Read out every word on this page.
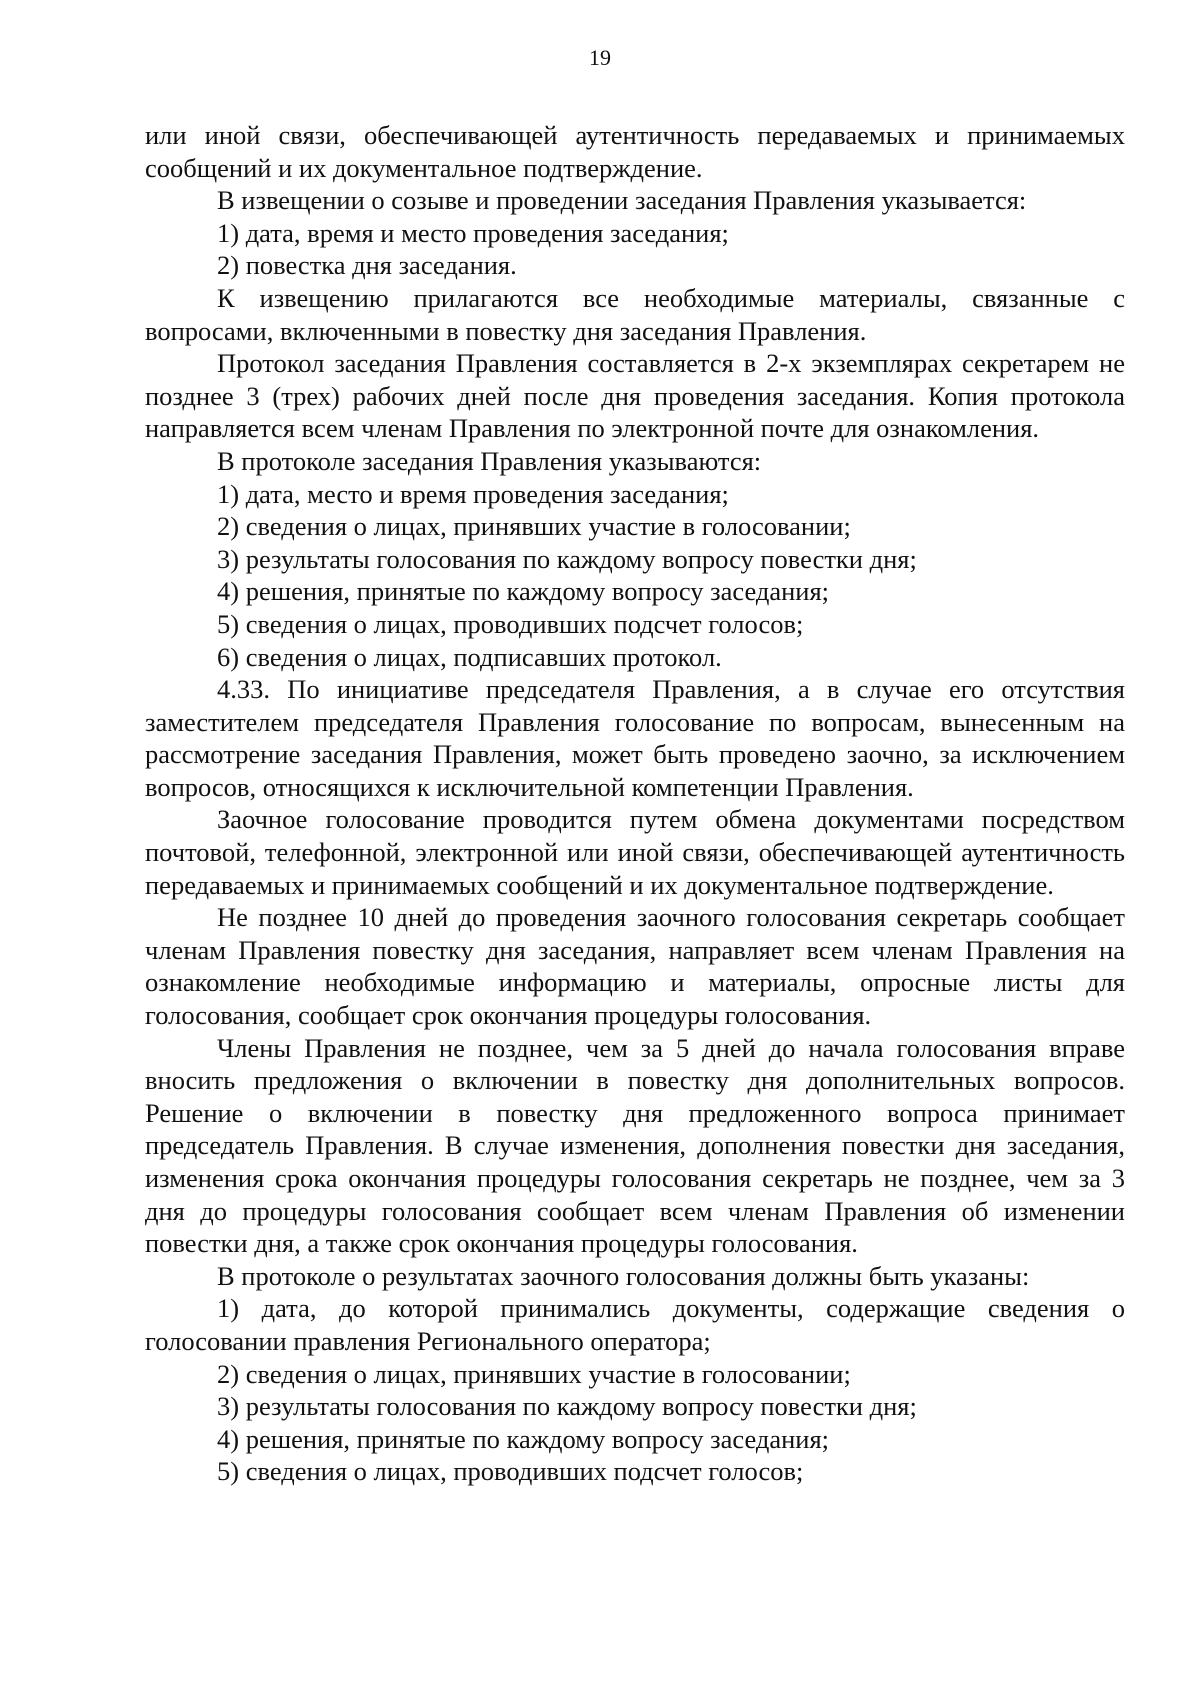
19

или иной связи, обеспечивающей аутентичность передаваемых и принимаемых сообщений и их документальное подтверждение.

В извещении о созыве и проведении заседания Правления указывается:

1) дата, время и место проведения заседания;

2) повестка дня заседания.

К извещению прилагаются все необходимые материалы, связанные с вопросами, включенными в повестку дня заседания Правления.

Протокол заседания Правления составляется в 2-х экземплярах секретарем не позднее 3 (трех) рабочих дней после дня проведения заседания. Копия протокола направляется всем членам Правления по электронной почте для ознакомления.

В протоколе заседания Правления указываются:

1) дата, место и время проведения заседания;

2) сведения о лицах, принявших участие в голосовании;

3) результаты голосования по каждому вопросу повестки дня;

4) решения, принятые по каждому вопросу заседания;

5) сведения о лицах, проводивших подсчет голосов;

6) сведения о лицах, подписавших протокол.

4.33. По инициативе председателя Правления, а в случае его отсутствия заместителем председателя Правления голосование по вопросам, вынесенным на рассмотрение заседания Правления, может быть проведено заочно, за исключением вопросов, относящихся к исключительной компетенции Правления.

Заочное голосование проводится путем обмена документами посредством почтовой, телефонной, электронной или иной связи, обеспечивающей аутентичность передаваемых и принимаемых сообщений и их документальное подтверждение.

Не позднее 10 дней до проведения заочного голосования секретарь сообщает членам Правления повестку дня заседания, направляет всем членам Правления на ознакомление необходимые информацию и материалы, опросные листы для голосования, сообщает срок окончания процедуры голосования.

Члены Правления не позднее, чем за 5 дней до начала голосования вправе вносить предложения о включении в повестку дня дополнительных вопросов. Решение о включении в повестку дня предложенного вопроса принимает председатель Правления. В случае изменения, дополнения повестки дня заседания, изменения срока окончания процедуры голосования секретарь не позднее, чем за 3 дня до процедуры голосования сообщает всем членам Правления об изменении повестки дня, а также срок окончания процедуры голосования.

В протоколе о результатах заочного голосования должны быть указаны:

1) дата, до которой принимались документы, содержащие сведения о голосовании правления Регионального оператора;

2) сведения о лицах, принявших участие в голосовании;

3) результаты голосования по каждому вопросу повестки дня;

4) решения, принятые по каждому вопросу заседания;

5) сведения о лицах, проводивших подсчет голосов;
